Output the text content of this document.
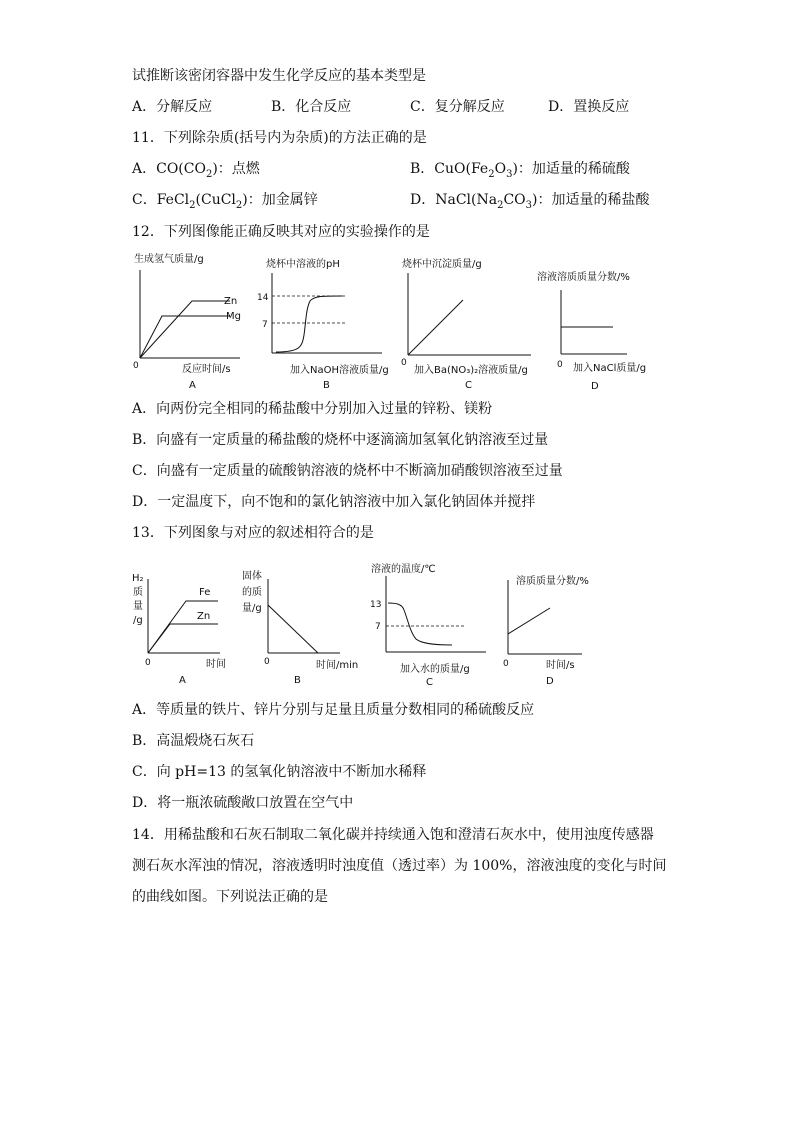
试推断该密闭容器中发生化学反应的基本类型是
A．分解反应	B．化合反应	C．复分解反应	D．置换反应
11．下列除杂质(括号内为杂质)的方法正确的是
A．$CO(CO_2)$：点燃	B．$CuO(Fe_2O_3)$：加适量的稀硫酸
C．FeCl$_2$(CuCl$_2$)：加金属锌	D．$NaCl(Na_2CO_3)$：加适量的稀盐酸
12．下列图像能正确反映其对应的实验操作的是
生成氢气质量/g
Zn
Mg
0	反应时间/s
A
烧杯中溶液的pH
14
7
加入NaOH溶液质量/g
B
烧杯中沉淀质量/g
0
加入Ba(NO₃)₂溶液质量/g
C
溶液溶质质量分数/%
0 加入NaCl质量/g
D
A．向两份完全相同的稀盐酸中分别加入过量的锌粉、镁粉
B．向盛有一定质量的稀盐酸的烧杯中逐滴滴加氢氧化钠溶液至过量
C．向盛有一定质量的硫酸钠溶液的烧杯中不断滴加硝酸钡溶液至过量
D．一定温度下，向不饱和的氯化钠溶液中加入氯化钠固体并搅拌
13．下列图象与对应的叙述相符合的是
H₂
质
量
/g
Fe
Zn
0	时间
A
固体
的质
量/g
0	时间/min
B
溶液的温度/℃
13
7
加入水的质量/g
C
溶质质量分数/%
0	时间/s
D
A．等质量的铁片、锌片分别与足量且质量分数相同的稀硫酸反应
B．高温煅烧石灰石
C．向 pH=13 的氢氧化钠溶液中不断加水稀释
D．将一瓶浓硫酸敞口放置在空气中
14．用稀盐酸和石灰石制取二氧化碳并持续通入饱和澄清石灰水中，使用浊度传感器
测石灰水浑浊的情况，溶液透明时浊度值（透过率）为 100%，溶液浊度的变化与时间
的曲线如图。下列说法正确的是
